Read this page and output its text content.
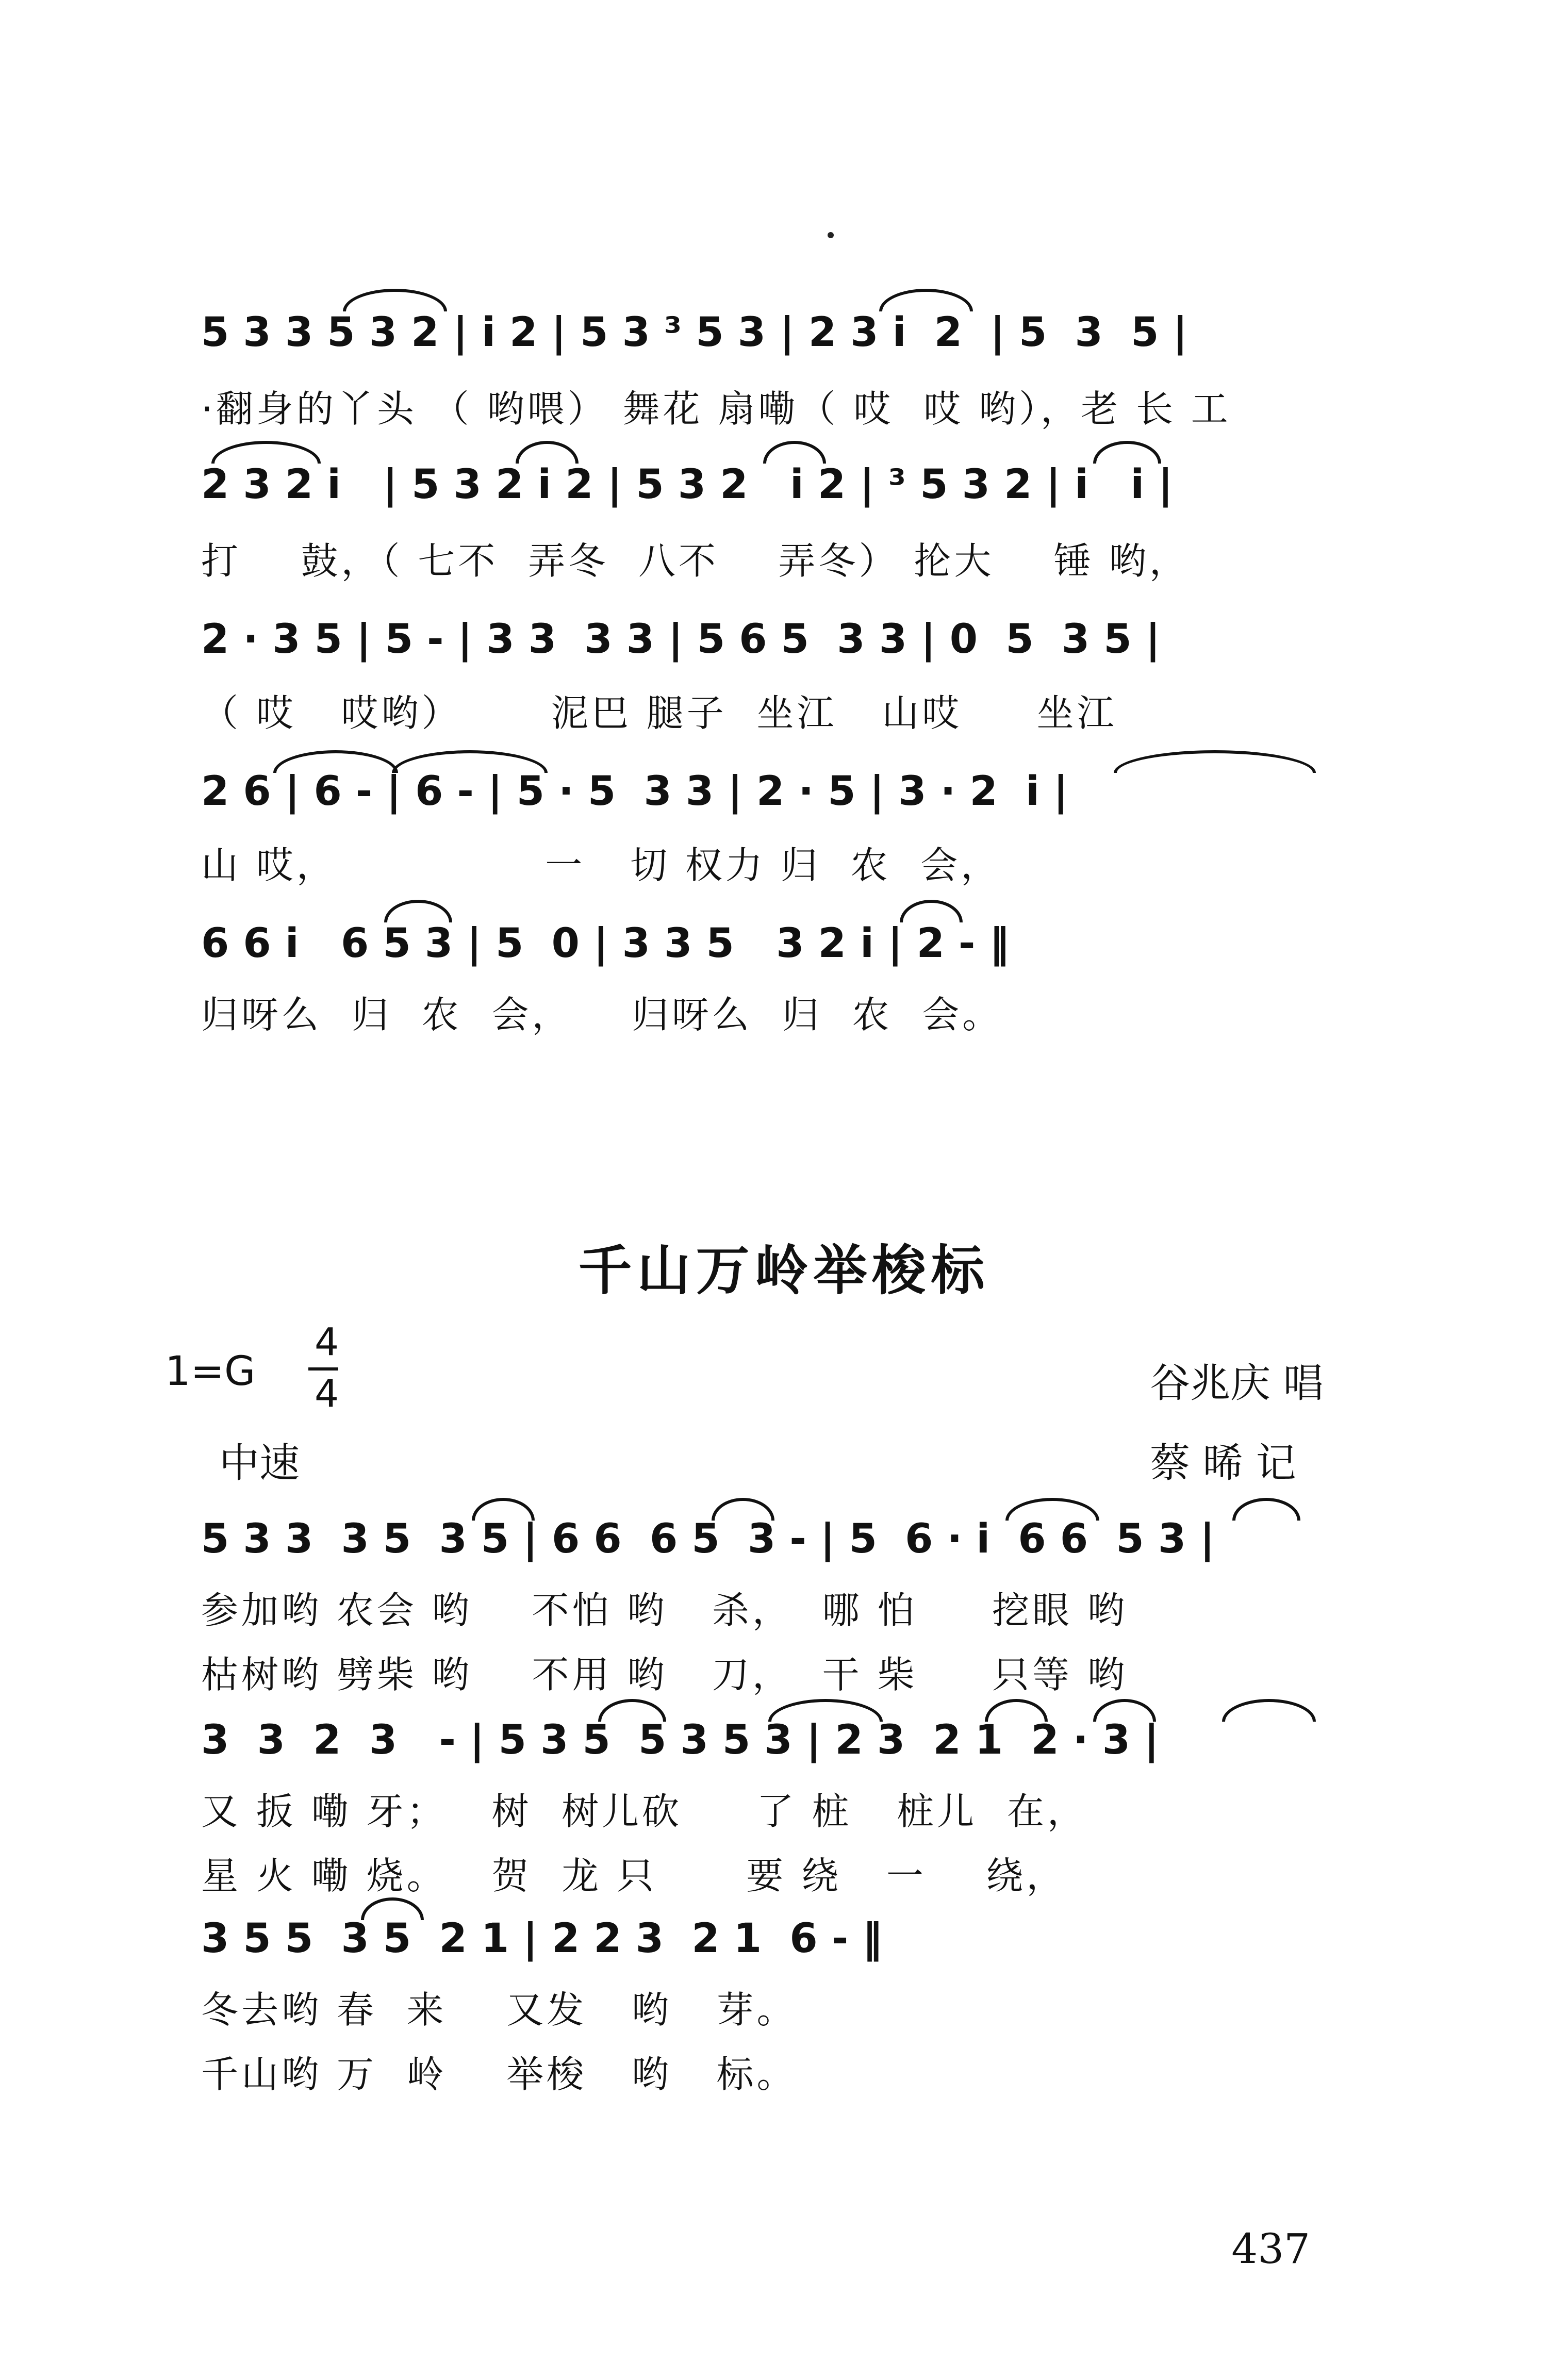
5 3 3 5 3 2 | i 2 | 5 3 ³ 5 3 | 2 3 i  2  | 5  3  5 |
·翻身的丫头 （ 哟喂） 舞花 扇嘞（ 哎  哎 哟），老 长 工
2 3 2 i   | 5 3 2 i 2 | 5 3 2   i 2 | ³ 5 3 2 | i   i |
打    鼓，（ 七不  弄冬  八不    弄冬） 抡大    锤 哟，
2 · 3 5 | 5 - | 3 3  3 3 | 5 6 5  3 3 | 0  5  3 5 |
（ 哎   哎哟）      泥巴 腿子  坐江   山哎     坐江
2 6 | 6 - | 6 - | 5 · 5  3 3 | 2 · 5 | 3 · 2  i |
山 哎，              一   切 权力 归  农  会，
6 6 i   6 5 3 | 5  0 | 3 3 5   3 2 i | 2 - ‖
归呀么  归  农  会，    归呀么  归  农  会。
千山万岭举梭标
1=G
4
4	谷兆庆 唱
中速	蔡 晞 记
5 3 3  3 5  3 5 | 6 6  6 5  3 - | 5  6 · i  6 6  5 3 |
参加哟 农会 哟    不怕 哟   杀，  哪 怕     挖眼 哟
枯树哟 劈柴 哟    不用 哟   刀，  干 柴     只等 哟
3  3  2  3   - | 5 3 5  5 3 5 3 | 2 3  2 1  2 · 3 |
又 扳 嘞 牙；   树  树儿砍     了 桩   桩儿  在，
星 火 嘞 烧。   贺  龙 只      要 绕   一    绕，
3 5 5  3 5  2 1 | 2 2 3  2 1  6 - ‖
冬去哟 春  来    又发   哟   芽。
千山哟 万  岭    举梭   哟   标。
437
